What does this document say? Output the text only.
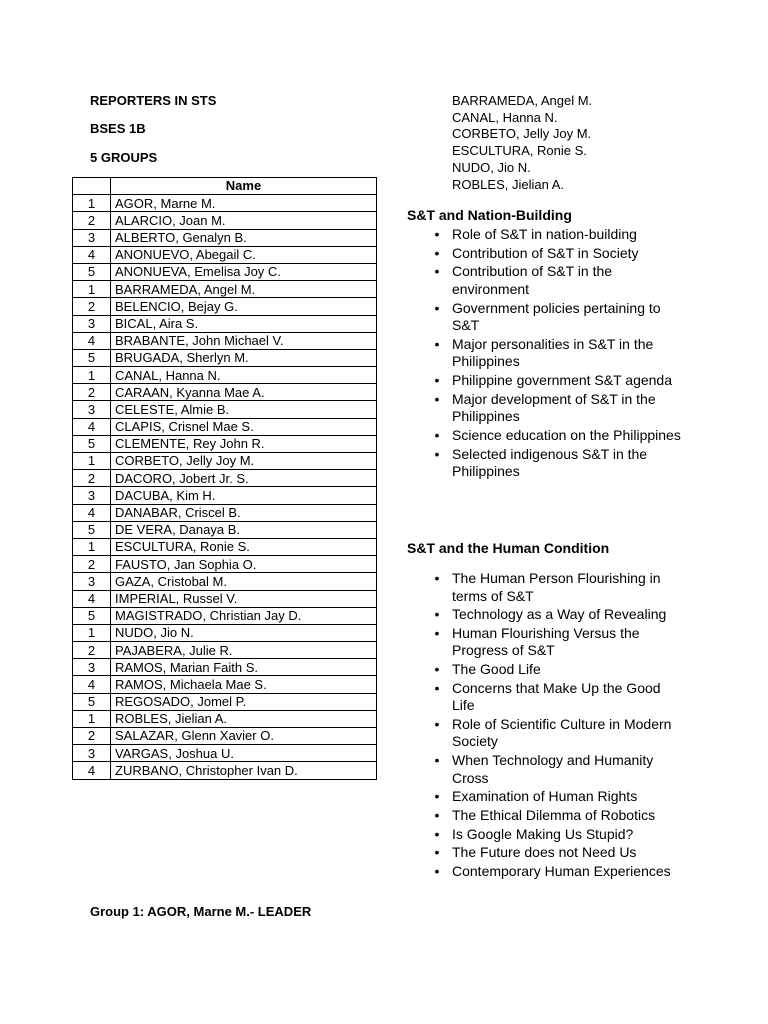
REPORTERS IN STS

BSES 1B

5 GROUPS

	Name
1	AGOR, Marne M.
2	ALARCIO, Joan M.
3	ALBERTO, Genalyn B.
4	ANONUEVO, Abegail C.
5	ANONUEVA, Emelisa Joy C.
1	BARRAMEDA, Angel M.
2	BELENCIO, Bejay G.
3	BICAL, Aira S.
4	BRABANTE, John Michael V.
5	BRUGADA, Sherlyn M.
1	CANAL, Hanna N.
2	CARAAN, Kyanna Mae A.
3	CELESTE, Almie B.
4	CLAPIS, Crisnel Mae S.
5	CLEMENTE, Rey John R.
1	CORBETO, Jelly Joy M.
2	DACORO, Jobert Jr. S.
3	DACUBA, Kim H.
4	DANABAR, Criscel B.
5	DE VERA, Danaya B.
1	ESCULTURA, Ronie S.
2	FAUSTO, Jan Sophia O.
3	GAZA, Cristobal M.
4	IMPERIAL, Russel V.
5	MAGISTRADO, Christian Jay D.
1	NUDO, Jio N.
2	PAJABERA, Julie R.
3	RAMOS, Marian Faith S.
4	RAMOS, Michaela Mae S.
5	REGOSADO, Jomel P.
1	ROBLES, Jielian A.
2	SALAZAR, Glenn Xavier O.
3	VARGAS, Joshua U.
4	ZURBANO, Christopher Ivan D.
BARRAMEDA, Angel M.
CANAL, Hanna N.
CORBETO, Jelly Joy M.
ESCULTURA, Ronie S.
NUDO, Jio N.
ROBLES, Jielian A.
S&T and Nation-Building
• Role of S&T in nation-building
• Contribution of S&T in Society
• Contribution of S&T in the environment
• Government policies pertaining to S&T
• Major personalities in S&T in the Philippines
• Philippine government S&T agenda
• Major development of S&T in the Philippines
• Science education on the Philippines
• Selected indigenous S&T in the Philippines
S&T and the Human Condition
• The Human Person Flourishing in terms of S&T
• Technology as a Way of Revealing
• Human Flourishing Versus the Progress of S&T
• The Good Life
• Concerns that Make Up the Good Life
• Role of Scientific Culture in Modern Society
• When Technology and Humanity Cross
• Examination of Human Rights
• The Ethical Dilemma of Robotics
• Is Google Making Us Stupid?
• The Future does not Need Us
• Contemporary Human Experiences

Group 1: AGOR, Marne M.- LEADER
